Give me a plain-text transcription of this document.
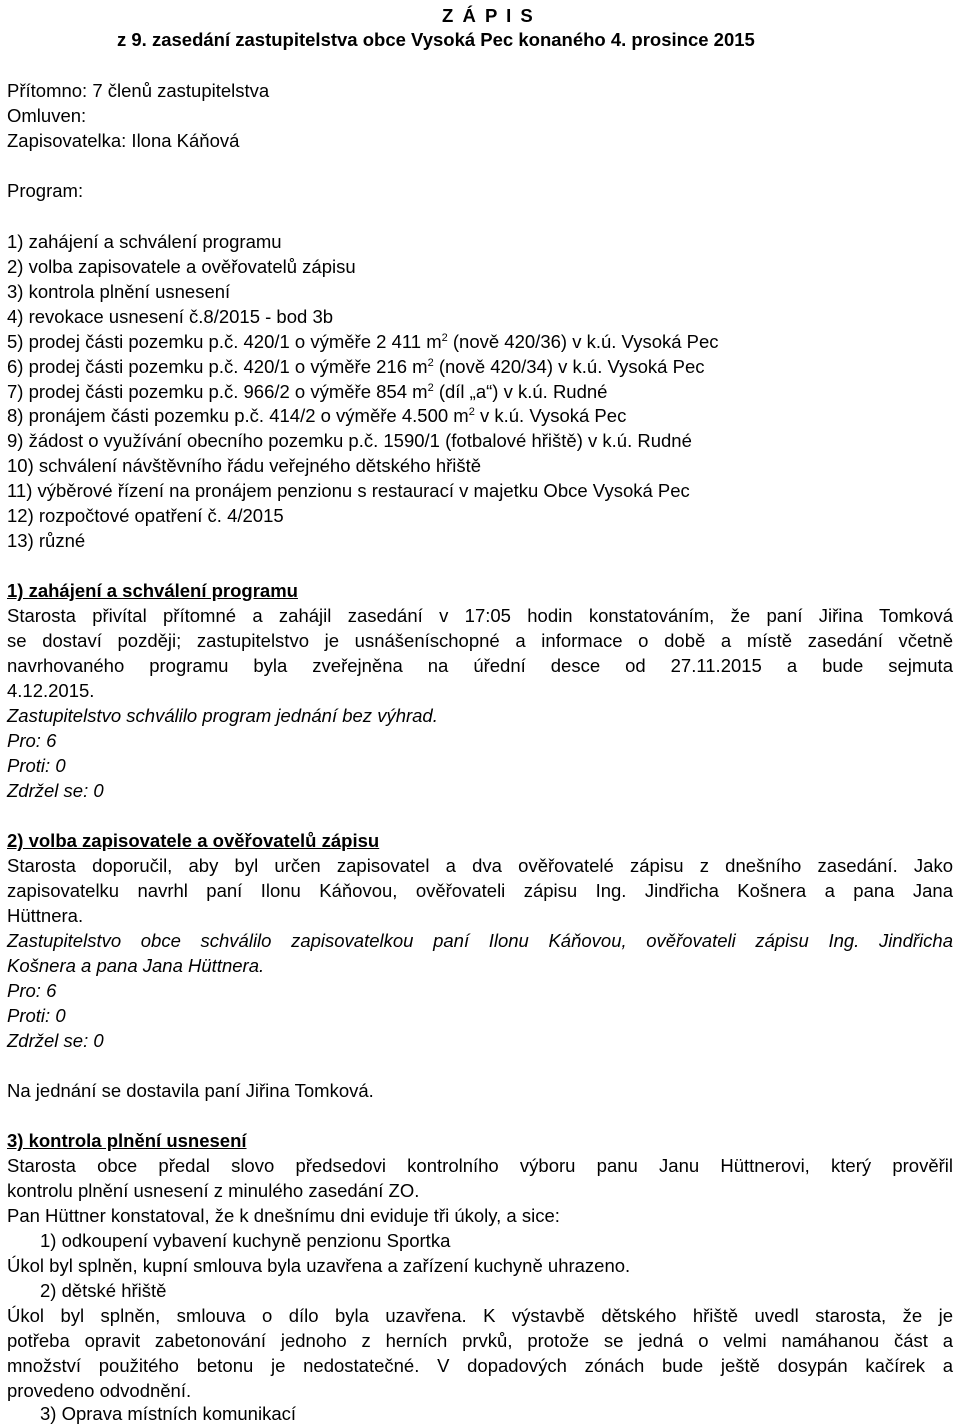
Z Á P I S
z 9. zasedání zastupitelstva obce Vysoká Pec konaného 4. prosince 2015
Přítomno: 7 členů zastupitelstva
Omluven:
Zapisovatelka: Ilona Káňová
Program:
1) zahájení a schválení programu
2) volba zapisovatele a ověřovatelů zápisu
3) kontrola plnění usnesení
4) revokace usnesení č.8/2015 - bod 3b
5) prodej části pozemku p.č. 420/1 o výměře 2 411 $m^2$ (nově 420/36) v k.ú. Vysoká Pec
6) prodej části pozemku p.č. 420/1 o výměře 216 $m^2$ (nově 420/34) v k.ú. Vysoká Pec
7) prodej části pozemku p.č. 966/2 o výměře 854 $m^2$ (díl „a“) v k.ú. Rudné
8) pronájem části pozemku p.č. 414/2 o výměře 4.500 $m^2$ v k.ú. Vysoká Pec
9) žádost o využívání obecního pozemku p.č. 1590/1 (fotbalové hřiště) v k.ú. Rudné
10) schválení návštěvního řádu veřejného dětského hřiště
11) výběrové řízení na pronájem penzionu s restaurací v majetku Obce Vysoká Pec
12) rozpočtové opatření č. 4/2015
13) různé
1) zahájení a schválení programu
Starosta přivítal přítomné a zahájil zasedání v 17:05 hodin konstatováním, že paní Jiřina Tomková
se dostaví později; zastupitelstvo je usnášeníschopné a informace o době a místě zasedání včetně
navrhovaného programu byla zveřejněna na úřední desce od 27.11.2015 a bude sejmuta
4.12.2015.
Zastupitelstvo schválilo program jednání bez výhrad.
Pro: 6
Proti: 0
Zdržel se: 0
2) volba zapisovatele a ověřovatelů zápisu
Starosta doporučil, aby byl určen zapisovatel a dva ověřovatelé zápisu z dnešního zasedání. Jako
zapisovatelku navrhl paní Ilonu Káňovou, ověřovateli zápisu Ing. Jindřicha Košnera a pana Jana
Hüttnera.
Zastupitelstvo obce schválilo zapisovatelkou paní Ilonu Káňovou, ověřovateli zápisu Ing. Jindřicha
Košnera a pana Jana Hüttnera.
Pro: 6
Proti: 0
Zdržel se: 0
Na jednání se dostavila paní Jiřina Tomková.
3) kontrola plnění usnesení
Starosta obce předal slovo předsedovi kontrolního výboru panu Janu Hüttnerovi, který prověřil
kontrolu plnění usnesení z minulého zasedání ZO.
Pan Hüttner konstatoval, že k dnešnímu dni eviduje tři úkoly, a sice:
1) odkoupení vybavení kuchyně penzionu Sportka
Úkol byl splněn, kupní smlouva byla uzavřena a zařízení kuchyně uhrazeno.
2) dětské hřiště
Úkol byl splněn, smlouva o dílo byla uzavřena. K výstavbě dětského hřiště uvedl starosta, že je
potřeba opravit zabetonování jednoho z herních prvků, protože se jedná o velmi namáhanou část a
množství použitého betonu je nedostatečné. V dopadových zónách bude ještě dosypán kačírek a
provedeno odvodnění.
3) Oprava místních komunikací
